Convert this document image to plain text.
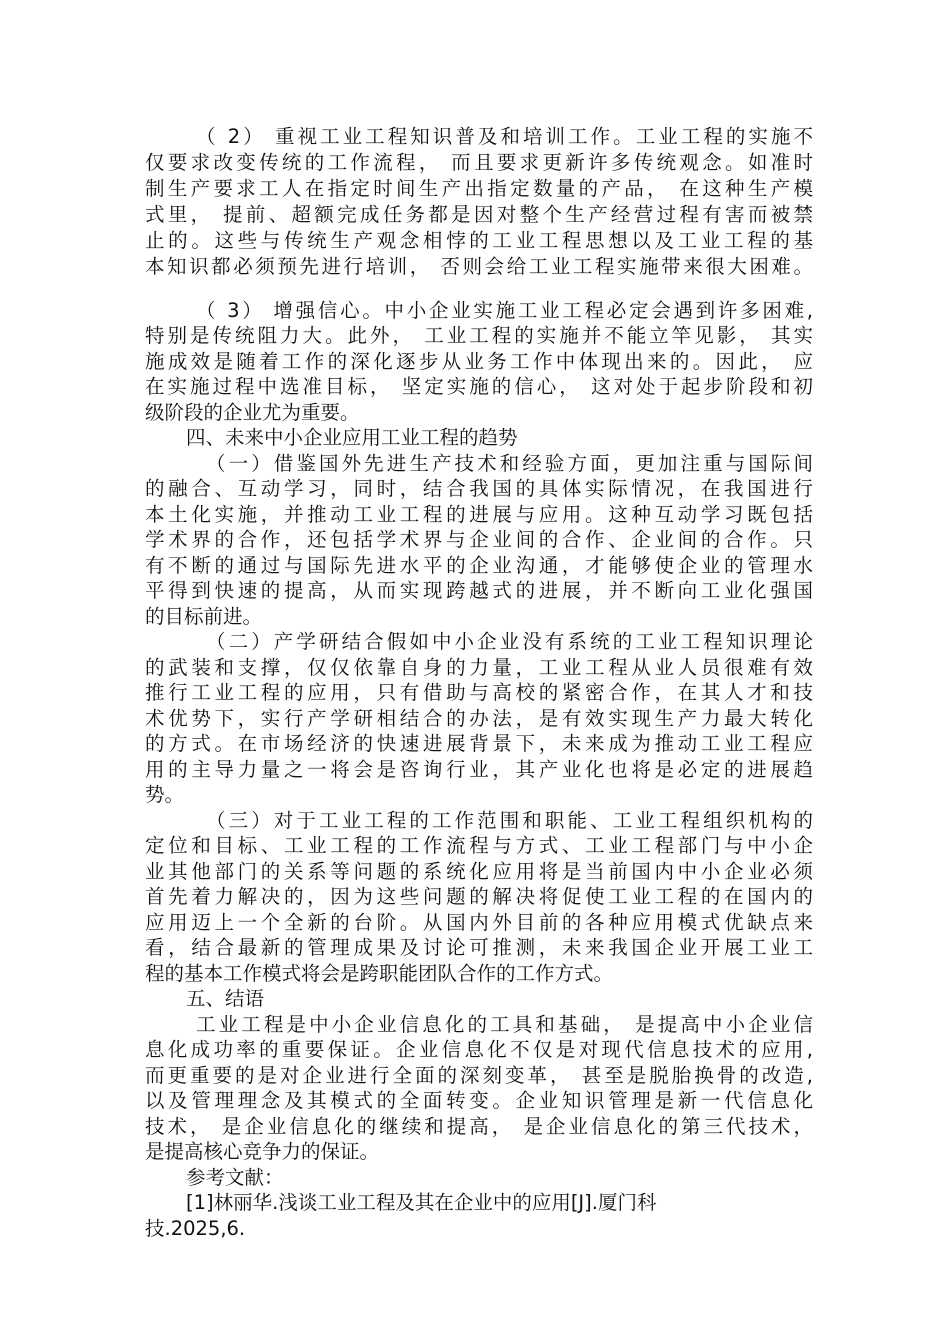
（ 2） 重视工业工程知识普及和培训工作。工业工程的实施不
仅要求改变传统的工作流程， 而且要求更新许多传统观念。如准时
制生产要求工人在指定时间生产出指定数量的产品， 在这种生产模
式里， 提前、超额完成任务都是因对整个生产经营过程有害而被禁
止的。这些与传统生产观念相悖的工业工程思想以及工业工程的基
本知识都必须预先进行培训， 否则会给工业工程实施带来很大困难。
（ 3） 增强信心。中小企业实施工业工程必定会遇到许多困难,
特别是传统阻力大。此外， 工业工程的实施并不能立竿见影， 其实
施成效是随着工作的深化逐步从业务工作中体现出来的。因此， 应
在实施过程中选准目标， 坚定实施的信心， 这对处于起步阶段和初
级阶段的企业尤为重要。
四、未来中小企业应用工业工程的趋势
（一）借鉴国外先进生产技术和经验方面，更加注重与国际间
的融合、互动学习，同时，结合我国的具体实际情况，在我国进行
本土化实施，并推动工业工程的进展与应用。这种互动学习既包括
学术界的合作，还包括学术界与企业间的合作、企业间的合作。只
有不断的通过与国际先进水平的企业沟通，才能够使企业的管理水
平得到快速的提高，从而实现跨越式的进展，并不断向工业化强国
的目标前进。
（二）产学研结合假如中小企业没有系统的工业工程知识理论
的武装和支撑，仅仅依靠自身的力量，工业工程从业人员很难有效
推行工业工程的应用，只有借助与高校的紧密合作，在其人才和技
术优势下，实行产学研相结合的办法，是有效实现生产力最大转化
的方式。在市场经济的快速进展背景下，未来成为推动工业工程应
用的主导力量之一将会是咨询行业，其产业化也将是必定的进展趋
势。
（三）对于工业工程的工作范围和职能、工业工程组织机构的
定位和目标、工业工程的工作流程与方式、工业工程部门与中小企
业其他部门的关系等问题的系统化应用将是当前国内中小企业必须
首先着力解决的，因为这些问题的解决将促使工业工程的在国内的
应用迈上一个全新的台阶。从国内外目前的各种应用模式优缺点来
看，结合最新的管理成果及讨论可推测，未来我国企业开展工业工
程的基本工作模式将会是跨职能团队合作的工作方式。
五、结语
工业工程是中小企业信息化的工具和基础， 是提高中小企业信
息化成功率的重要保证。企业信息化不仅是对现代信息技术的应用,
而更重要的是对企业进行全面的深刻变革， 甚至是脱胎换骨的改造,
以及管理理念及其模式的全面转变。企业知识管理是新一代信息化
技术， 是企业信息化的继续和提高， 是企业信息化的第三代技术，
是提高核心竞争力的保证。
参考文献：
[1]林丽华.浅谈工业工程及其在企业中的应用[J].厦门科
技.2025,6.
